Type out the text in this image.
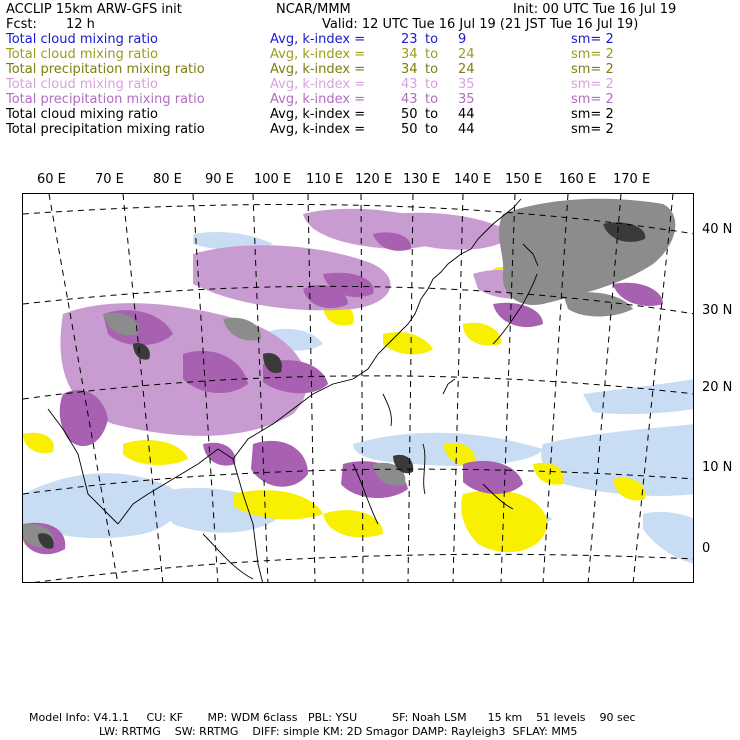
ACCLIP 15km ARW-GFS init	NCAR/MMM	Init: 00 UTC Tue 16 Jul 19
Fcst: 12 h	Valid: 12 UTC Tue 16 Jul 19 (21 JST Tue 16 Jul 19)
Total cloud mixing ratio	Avg, k-index =	23 to 9	sm= 2
Total cloud mixing ratio	Avg, k-index =	34 to 24	sm= 2
Total precipitation mixing ratio	Avg, k-index =	34 to 24	sm= 2
Total cloud mixing ratio	Avg, k-index =	43 to 35	sm= 2
Total precipitation mixing ratio	Avg, k-index =	43 to 35	sm= 2
Total cloud mixing ratio	Avg, k-index =	50 to 44	sm= 2
Total precipitation mixing ratio	Avg, k-index =	50 to 44	sm= 2
60 E 70 E 80 E 90 E 100 E 110 E 120 E 130 E 140 E 150 E 160 E 170 E
40 N
30 N
20 N
10 N
0
Model Info: V4.1.1     CU: KF       MP: WDM 6class   PBL: YSU          SF: Noah LSM      15 km    51 levels    90 sec
LW: RRTMG    SW: RRTMG    DIFF: simple KM: 2D Smagor DAMP: Rayleigh3  SFLAY: MM5
